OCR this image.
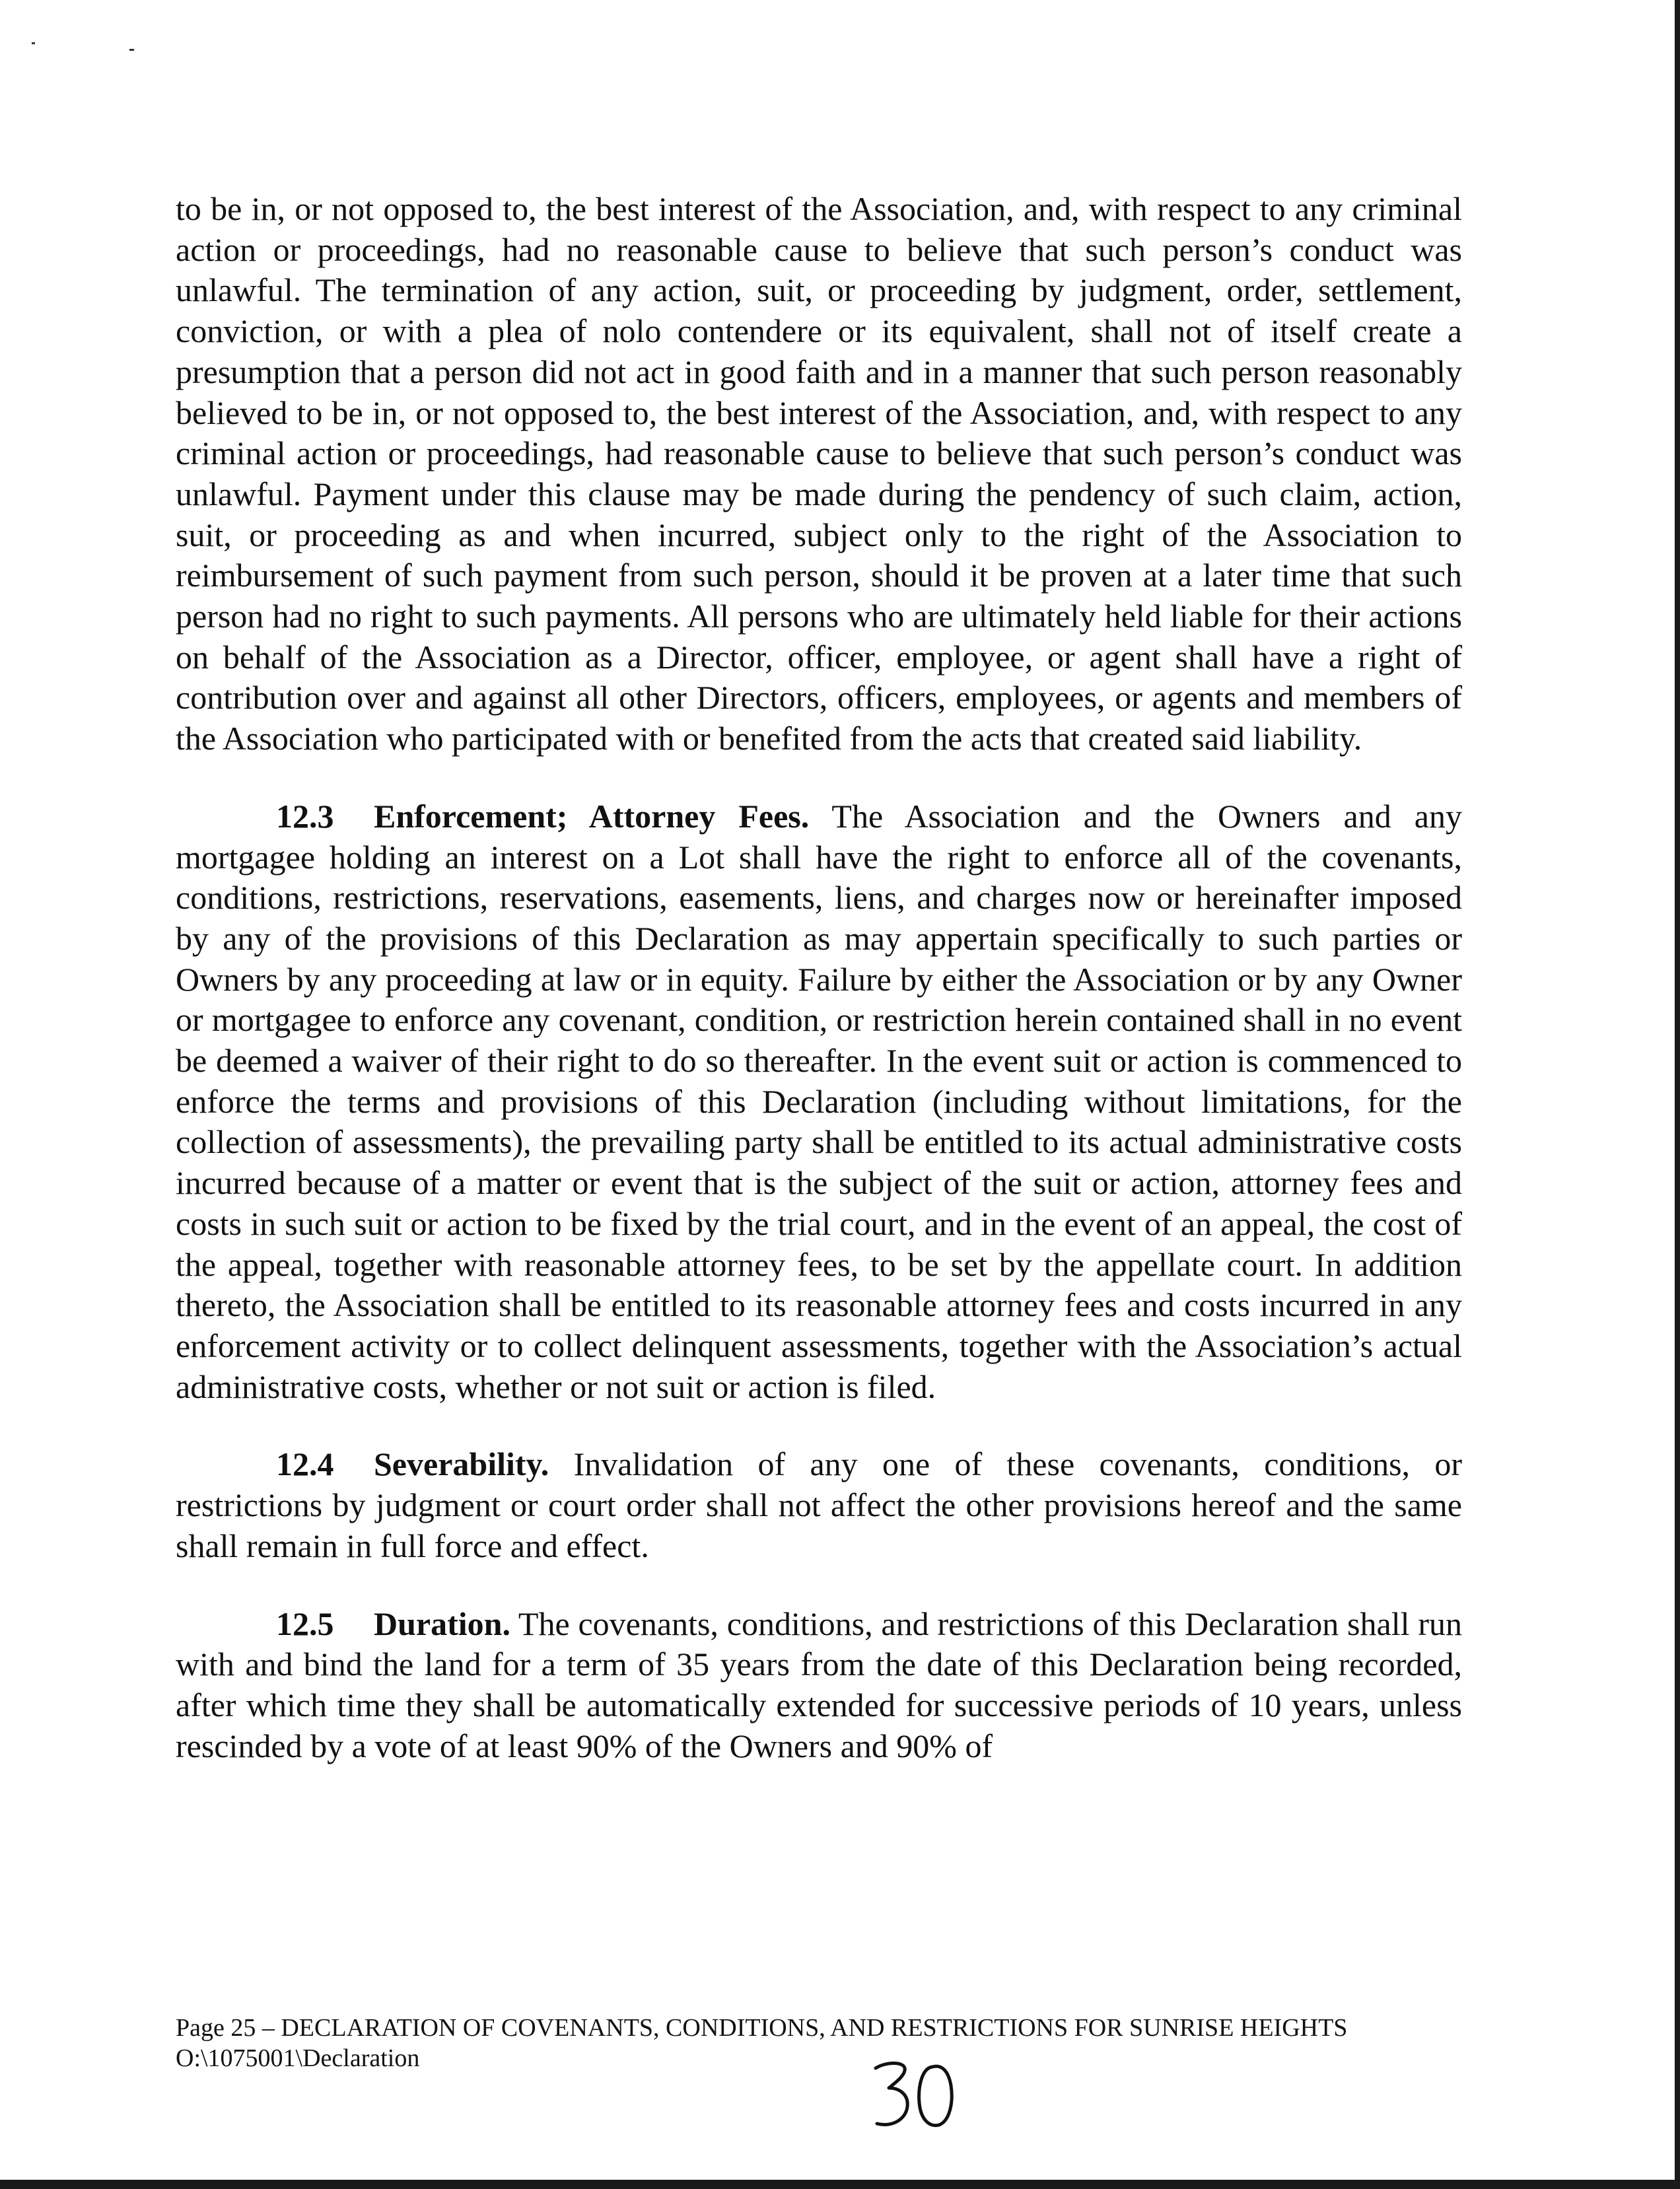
to be in, or not opposed to, the best interest of the Association, and, with respect to any criminal action or proceedings, had no reasonable cause to believe that such person’s conduct was unlawful. The termination of any action, suit, or proceeding by judgment, order, settlement, conviction, or with a plea of nolo contendere or its equivalent, shall not of itself create a presumption that a person did not act in good faith and in a manner that such person reasonably believed to be in, or not opposed to, the best interest of the Association, and, with respect to any criminal action or proceedings, had reasonable cause to believe that such person’s conduct was unlawful. Payment under this clause may be made during the pendency of such claim, action, suit, or proceeding as and when incurred, subject only to the right of the Association to reimbursement of such payment from such person, should it be proven at a later time that such person had no right to such payments. All persons who are ultimately held liable for their actions on behalf of the Association as a Director, officer, employee, or agent shall have a right of contribution over and against all other Directors, officers, employees, or agents and members of the Association who participated with or benefited from the acts that created said liability.

12.3 Enforcement; Attorney Fees. The Association and the Owners and any mortgagee holding an interest on a Lot shall have the right to enforce all of the covenants, conditions, restrictions, reservations, easements, liens, and charges now or hereinafter imposed by any of the provisions of this Declaration as may appertain specifically to such parties or Owners by any proceeding at law or in equity. Failure by either the Association or by any Owner or mortgagee to enforce any covenant, condition, or restriction herein contained shall in no event be deemed a waiver of their right to do so thereafter. In the event suit or action is commenced to enforce the terms and provisions of this Declaration (including without limitations, for the collection of assessments), the prevailing party shall be entitled to its actual administrative costs incurred because of a matter or event that is the subject of the suit or action, attorney fees and costs in such suit or action to be fixed by the trial court, and in the event of an appeal, the cost of the appeal, together with reasonable attorney fees, to be set by the appellate court. In addition thereto, the Association shall be entitled to its reasonable attorney fees and costs incurred in any enforcement activity or to collect delinquent assessments, together with the Association’s actual administrative costs, whether or not suit or action is filed.

12.4 Severability. Invalidation of any one of these covenants, conditions, or restrictions by judgment or court order shall not affect the other provisions hereof and the same shall remain in full force and effect.

12.5 Duration. The covenants, conditions, and restrictions of this Declaration shall run with and bind the land for a term of 35 years from the date of this Declaration being recorded, after which time they shall be automatically extended for successive periods of 10 years, unless rescinded by a vote of at least 90% of the Owners and 90% of

Page 25 – DECLARATION OF COVENANTS, CONDITIONS, AND RESTRICTIONS FOR SUNRISE HEIGHTS
O:\1075001\Declaration
